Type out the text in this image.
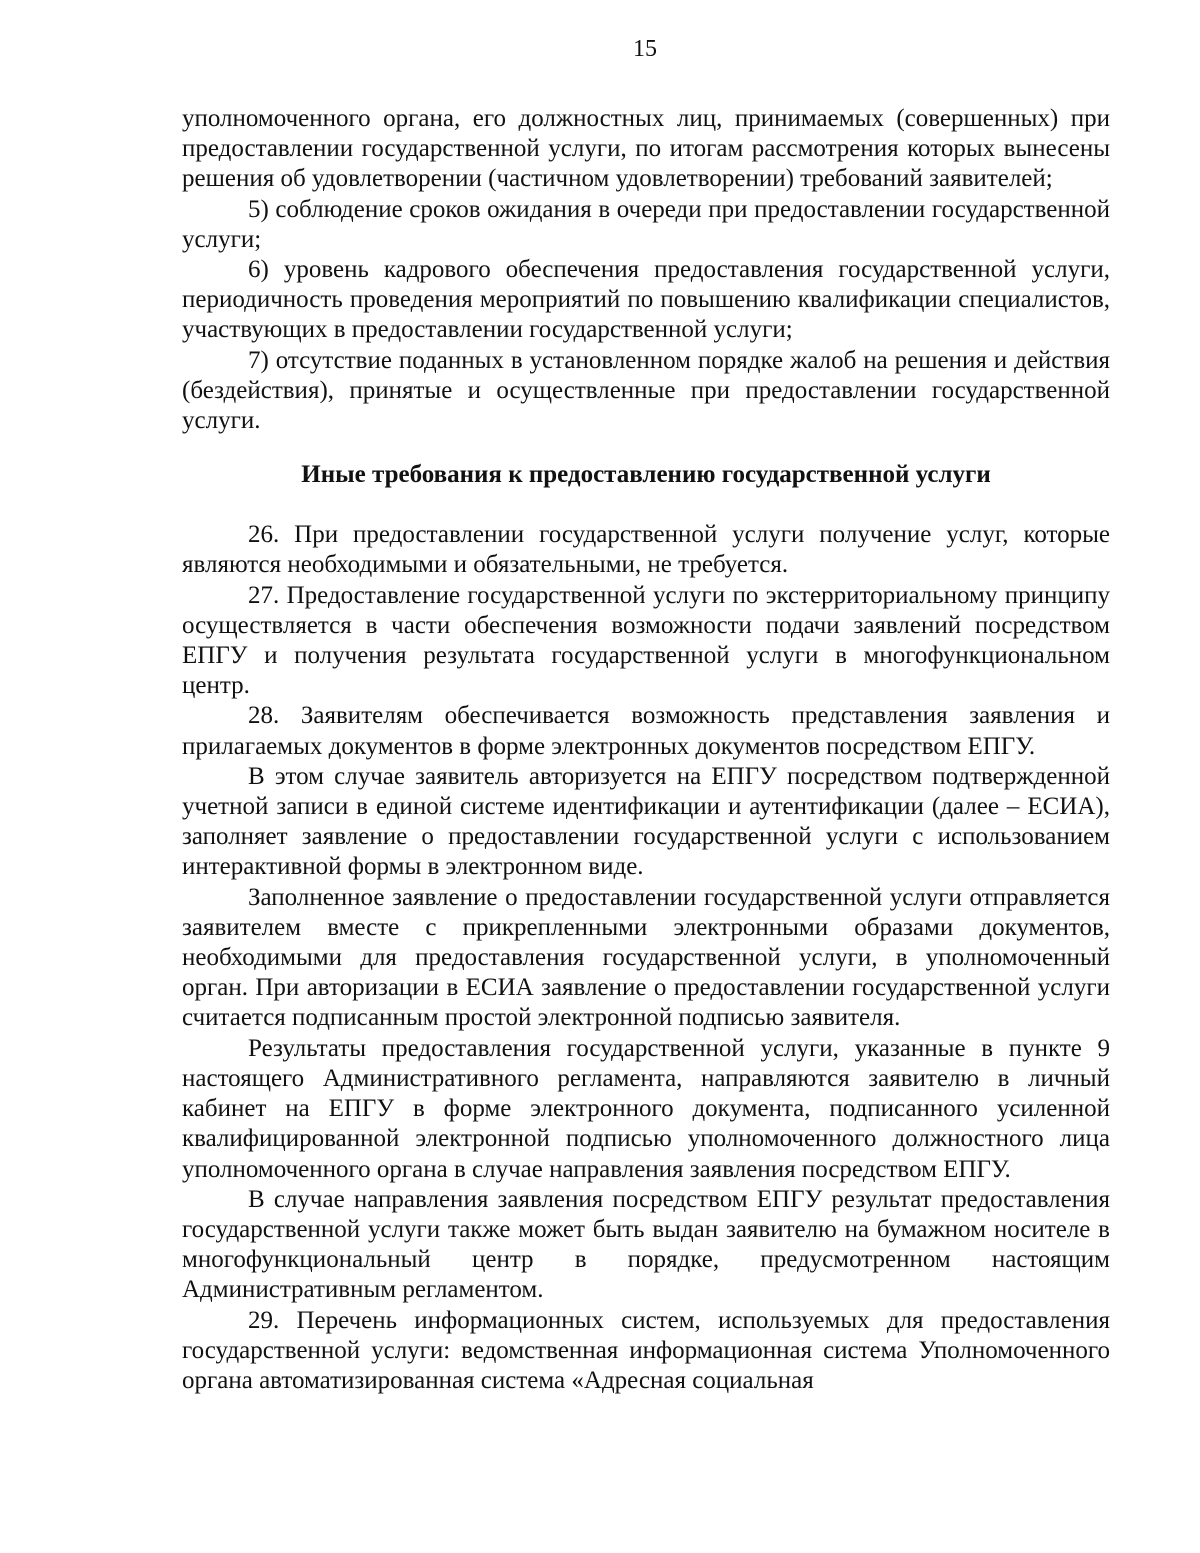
15

уполномоченного органа, его должностных лиц, принимаемых (совершенных) при предоставлении государственной услуги, по итогам рассмотрения которых вынесены решения об удовлетворении (частичном удовлетворении) требований заявителей;

5) соблюдение сроков ожидания в очереди при предоставлении государственной услуги;

6) уровень кадрового обеспечения предоставления государственной услуги, периодичность проведения мероприятий по повышению квалификации специалистов, участвующих в предоставлении государственной услуги;

7) отсутствие поданных в установленном порядке жалоб на решения и действия (бездействия), принятые и осуществленные при предоставлении государственной услуги.

Иные требования к предоставлению государственной услуги

26. При предоставлении государственной услуги получение услуг, которые являются необходимыми и обязательными, не требуется.

27. Предоставление государственной услуги по экстерриториальному принципу осуществляется в части обеспечения возможности подачи заявлений посредством ЕПГУ и получения результата государственной услуги в многофункциональном центр.

28. Заявителям обеспечивается возможность представления заявления и прилагаемых документов в форме электронных документов посредством ЕПГУ.

В этом случае заявитель авторизуется на ЕПГУ посредством подтвержденной учетной записи в единой системе идентификации и аутентификации (далее – ЕСИА), заполняет заявление о предоставлении государственной услуги с использованием интерактивной формы в электронном виде.

Заполненное заявление о предоставлении государственной услуги отправляется заявителем вместе с прикрепленными электронными образами документов, необходимыми для предоставления государственной услуги, в уполномоченный орган. При авторизации в ЕСИА заявление о предоставлении государственной услуги считается подписанным простой электронной подписью заявителя.

Результаты предоставления государственной услуги, указанные в пункте 9 настоящего Административного регламента, направляются заявителю в личный кабинет на ЕПГУ в форме электронного документа, подписанного усиленной квалифицированной электронной подписью уполномоченного должностного лица уполномоченного органа в случае направления заявления посредством ЕПГУ.

В случае направления заявления посредством ЕПГУ результат предоставления государственной услуги также может быть выдан заявителю на бумажном носителе в многофункциональный центр в порядке, предусмотренном настоящим Административным регламентом.

29. Перечень информационных систем, используемых для предоставления государственной услуги: ведомственная информационная система Уполномоченного органа автоматизированная система «Адресная социальная
